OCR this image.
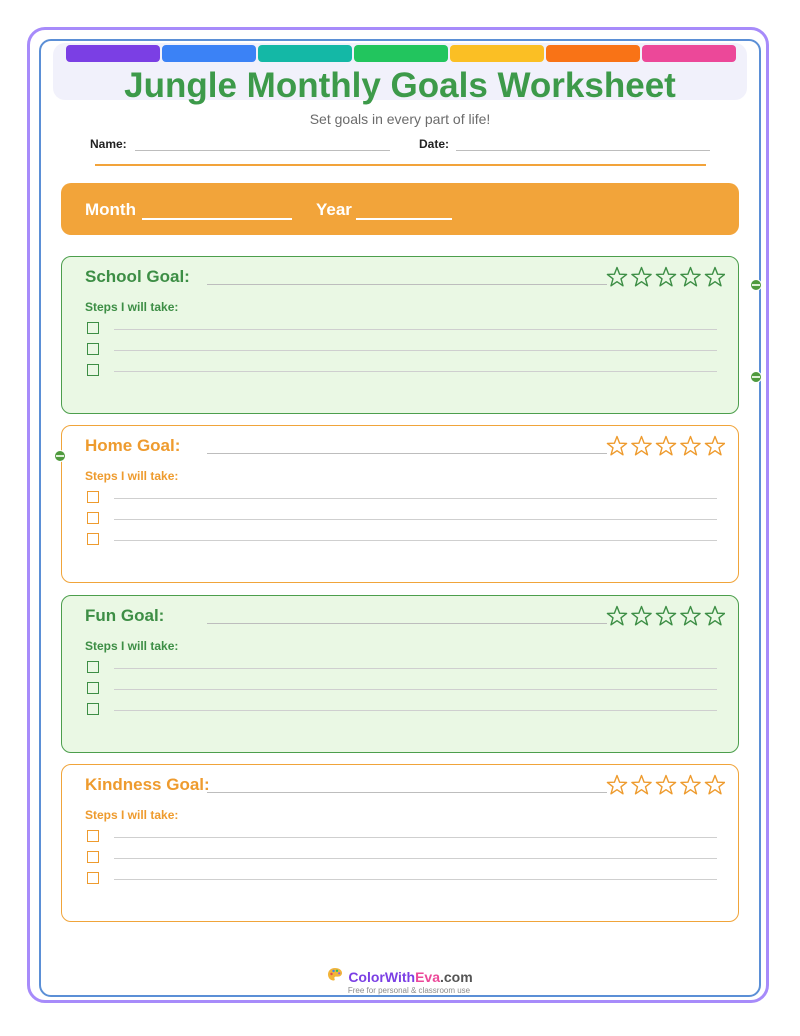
Jungle Monthly Goals Worksheet
Set goals in every part of life!
Name:	Date:
Month	Year
School Goal:
Steps I will take:
Home Goal:
Steps I will take:
Fun Goal:
Steps I will take:
Kindness Goal:
Steps I will take:
ColorWithEva.com
Free for personal & classroom use
